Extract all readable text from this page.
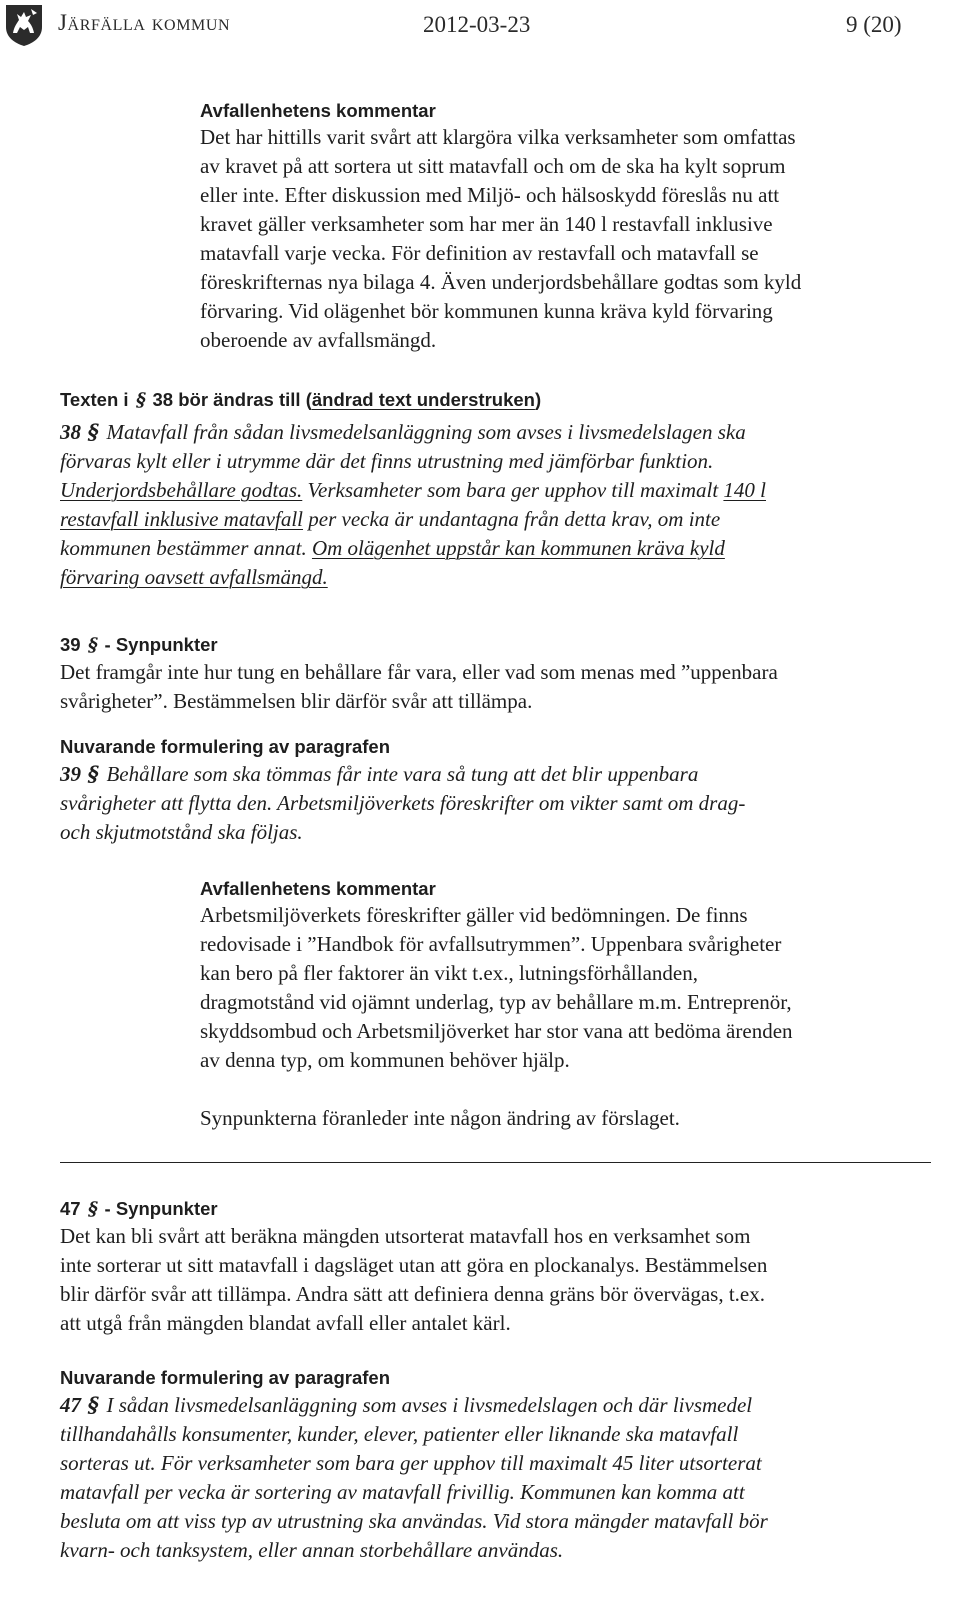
Järfälla kommun	2012-03-23	9 (20)
Avfallenhetens kommentar
Det har hittills varit svårt att klargöra vilka verksamheter som omfattas
av kravet på att sortera ut sitt matavfall och om de ska ha kylt soprum
eller inte. Efter diskussion med Miljö- och hälsoskydd föreslås nu att
kravet gäller verksamheter som har mer än 140 l restavfall inklusive
matavfall varje vecka. För definition av restavfall och matavfall se
föreskrifternas nya bilaga 4. Även underjordsbehållare godtas som kyld
förvaring. Vid olägenhet bör kommunen kunna kräva kyld förvaring
oberoende av avfallsmängd.
Texten i § 38 bör ändras till (ändrad text understruken)
38 § Matavfall från sådan livsmedelsanläggning som avses i livsmedelslagen ska
förvaras kylt eller i utrymme där det finns utrustning med jämförbar funktion.
Underjordsbehållare godtas. Verksamheter som bara ger upphov till maximalt 140 l
restavfall inklusive matavfall per vecka är undantagna från detta krav, om inte
kommunen bestämmer annat. Om olägenhet uppstår kan kommunen kräva kyld
förvaring oavsett avfallsmängd.
39 § - Synpunkter
Det framgår inte hur tung en behållare får vara, eller vad som menas med ”uppenbara
svårigheter”. Bestämmelsen blir därför svår att tillämpa.
Nuvarande formulering av paragrafen
39 § Behållare som ska tömmas får inte vara så tung att det blir uppenbara
svårigheter att flytta den. Arbetsmiljöverkets föreskrifter om vikter samt om drag-
och skjutmotstånd ska följas.
Avfallenhetens kommentar
Arbetsmiljöverkets föreskrifter gäller vid bedömningen. De finns
redovisade i ”Handbok för avfallsutrymmen”. Uppenbara svårigheter
kan bero på fler faktorer än vikt t.ex., lutningsförhållanden,
dragmotstånd vid ojämnt underlag, typ av behållare m.m. Entreprenör,
skyddsombud och Arbetsmiljöverket har stor vana att bedöma ärenden
av denna typ, om kommunen behöver hjälp.
Synpunkterna föranleder inte någon ändring av förslaget.
47 § - Synpunkter
Det kan bli svårt att beräkna mängden utsorterat matavfall hos en verksamhet som
inte sorterar ut sitt matavfall i dagsläget utan att göra en plockanalys. Bestämmelsen
blir därför svår att tillämpa. Andra sätt att definiera denna gräns bör övervägas, t.ex.
att utgå från mängden blandat avfall eller antalet kärl.
Nuvarande formulering av paragrafen
47 § I sådan livsmedelsanläggning som avses i livsmedelslagen och där livsmedel
tillhandahålls konsumenter, kunder, elever, patienter eller liknande ska matavfall
sorteras ut. För verksamheter som bara ger upphov till maximalt 45 liter utsorterat
matavfall per vecka är sortering av matavfall frivillig. Kommunen kan komma att
besluta om att viss typ av utrustning ska användas. Vid stora mängder matavfall bör
kvarn- och tanksystem, eller annan storbehållare användas.
